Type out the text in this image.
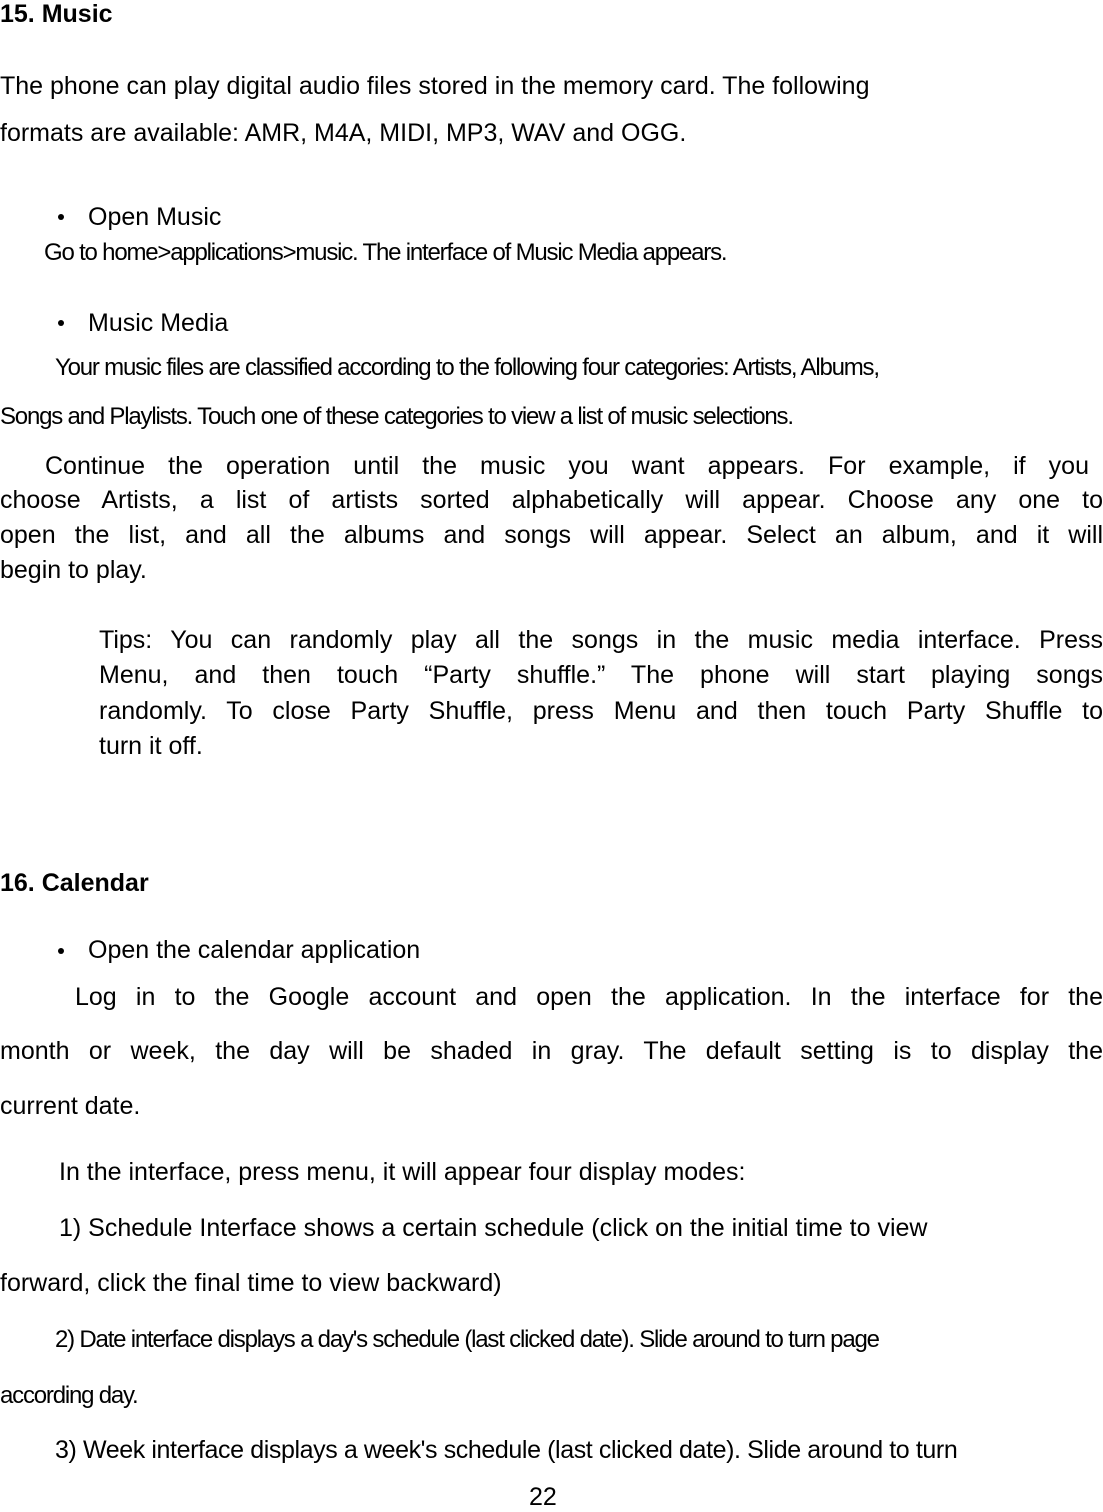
15. Music
The phone can play digital audio files stored in the memory card. The following
formats are available: AMR, M4A, MIDI, MP3, WAV and OGG.
Open Music
Go to home>applications>music. The interface of Music Media appears.
Music Media
Your music files are classified according to the following four categories: Artists, Albums,
Songs and Playlists. Touch one of these categories to view a list of music selections.
Continue the operation until the music you want appears. For example, if you
choose Artists, a list of artists sorted alphabetically will appear. Choose any one to
open the list, and all the albums and songs will appear. Select an album, and it will
begin to play.
Tips: You can randomly play all the songs in the music media interface. Press
Menu, and then touch “Party shuffle.” The phone will start playing songs
randomly. To close Party Shuffle, press Menu and then touch Party Shuffle to
turn it off.
16. Calendar
Open the calendar application
Log in to the Google account and open the application. In the interface for the
month or week, the day will be shaded in gray. The default setting is to display the
current date.
In the interface, press menu, it will appear four display modes:
1) Schedule Interface shows a certain schedule (click on the initial time to view
forward, click the final time to view backward)
2) Date interface displays a day's schedule (last clicked date). Slide around to turn page
according day.
3) Week interface displays a week's schedule (last clicked date). Slide around to turn
22
